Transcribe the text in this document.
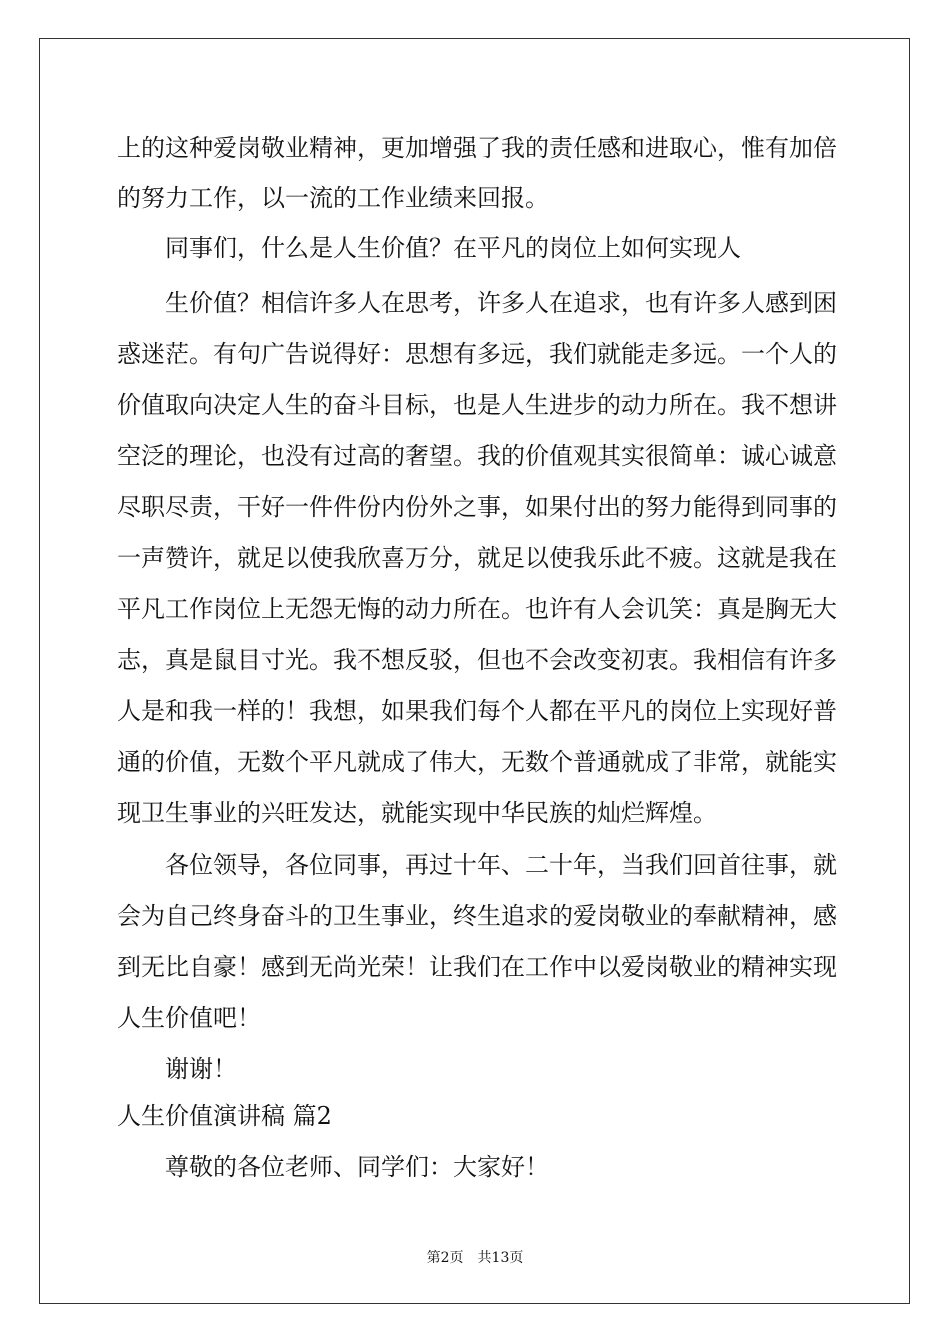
上的这种爱岗敬业精神，更加增强了我的责任感和进取心，惟有加倍
的努力工作，以一流的工作业绩来回报。
同事们，什么是人生价值？在平凡的岗位上如何实现人
生价值？相信许多人在思考，许多人在追求，也有许多人感到困
惑迷茫。有句广告说得好：思想有多远，我们就能走多远。一个人的
价值取向决定人生的奋斗目标，也是人生进步的动力所在。我不想讲
空泛的理论，也没有过高的奢望。我的价值观其实很简单：诚心诚意
尽职尽责，干好一件件份内份外之事，如果付出的努力能得到同事的
一声赞许，就足以使我欣喜万分，就足以使我乐此不疲。这就是我在
平凡工作岗位上无怨无悔的动力所在。也许有人会讥笑：真是胸无大
志，真是鼠目寸光。我不想反驳，但也不会改变初衷。我相信有许多
人是和我一样的！我想，如果我们每个人都在平凡的岗位上实现好普
通的价值，无数个平凡就成了伟大，无数个普通就成了非常，就能实
现卫生事业的兴旺发达，就能实现中华民族的灿烂辉煌。
各位领导，各位同事，再过十年、二十年，当我们回首往事，就
会为自己终身奋斗的卫生事业，终生追求的爱岗敬业的奉献精神，感
到无比自豪！感到无尚光荣！让我们在工作中以爱岗敬业的精神实现
人生价值吧！
谢谢！
人生价值演讲稿 篇2
尊敬的各位老师、同学们：大家好！
第2页 共13页
